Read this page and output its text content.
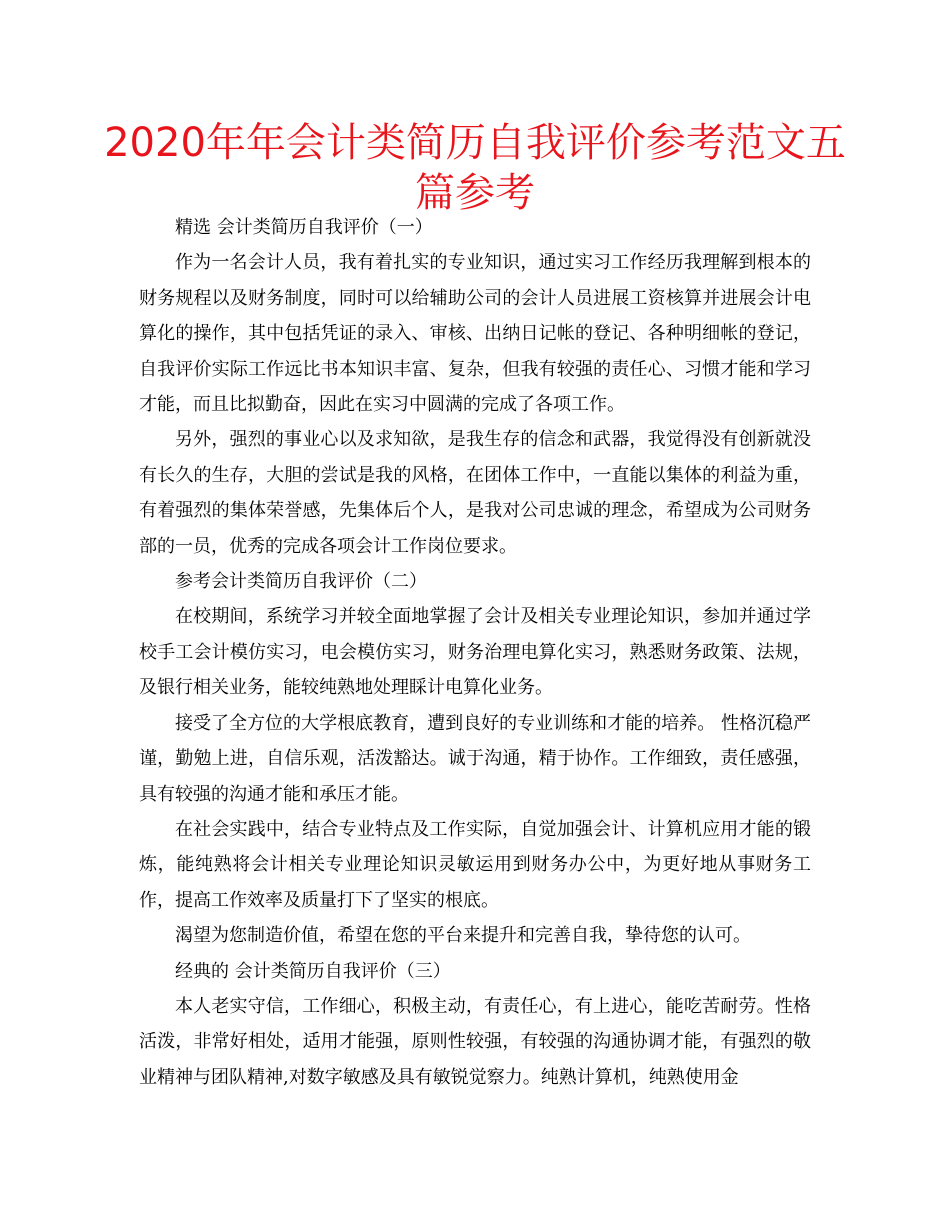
2020年年会计类简历自我评价参考范文五篇参考

精选 会计类简历自我评价（一）

作为一名会计人员，我有着扎实的专业知识，通过实习工作经历我理解到根本的财务规程以及财务制度，同时可以给辅助公司的会计人员进展工资核算并进展会计电算化的操作，其中包括凭证的录入、审核、出纳日记帐的登记、各种明细帐的登记，自我评价实际工作远比书本知识丰富、复杂，但我有较强的责任心、习惯才能和学习才能，而且比拟勤奋，因此在实习中圆满的完成了各项工作。

另外，强烈的事业心以及求知欲，是我生存的信念和武器，我觉得没有创新就没有长久的生存，大胆的尝试是我的风格，在团体工作中，一直能以集体的利益为重，有着强烈的集体荣誉感，先集体后个人，是我对公司忠诚的理念，希望成为公司财务部的一员，优秀的完成各项会计工作岗位要求。

参考会计类简历自我评价（二）

在校期间，系统学习并较全面地掌握了会计及相关专业理论知识，参加并通过学校手工会计模仿实习，电会模仿实习，财务治理电算化实习，熟悉财务政策、法规，及银行相关业务，能较纯熟地处理睬计电算化业务。

接受了全方位的大学根底教育，遭到良好的专业训练和才能的培养。 性格沉稳严谨，勤勉上进，自信乐观，活泼豁达。诚于沟通，精于协作。工作细致，责任感强，具有较强的沟通才能和承压才能。

在社会实践中，结合专业特点及工作实际，自觉加强会计、计算机应用才能的锻炼，能纯熟将会计相关专业理论知识灵敏运用到财务办公中，为更好地从事财务工作，提高工作效率及质量打下了坚实的根底。

渴望为您制造价值，希望在您的平台来提升和完善自我，挚待您的认可。

经典的 会计类简历自我评价（三）

本人老实守信，工作细心，积极主动，有责任心，有上进心，能吃苦耐劳。性格活泼，非常好相处，适用才能强，原则性较强，有较强的沟通协调才能，有强烈的敬业精神与团队精神,对数字敏感及具有敏锐觉察力。纯熟计算机，纯熟使用金
